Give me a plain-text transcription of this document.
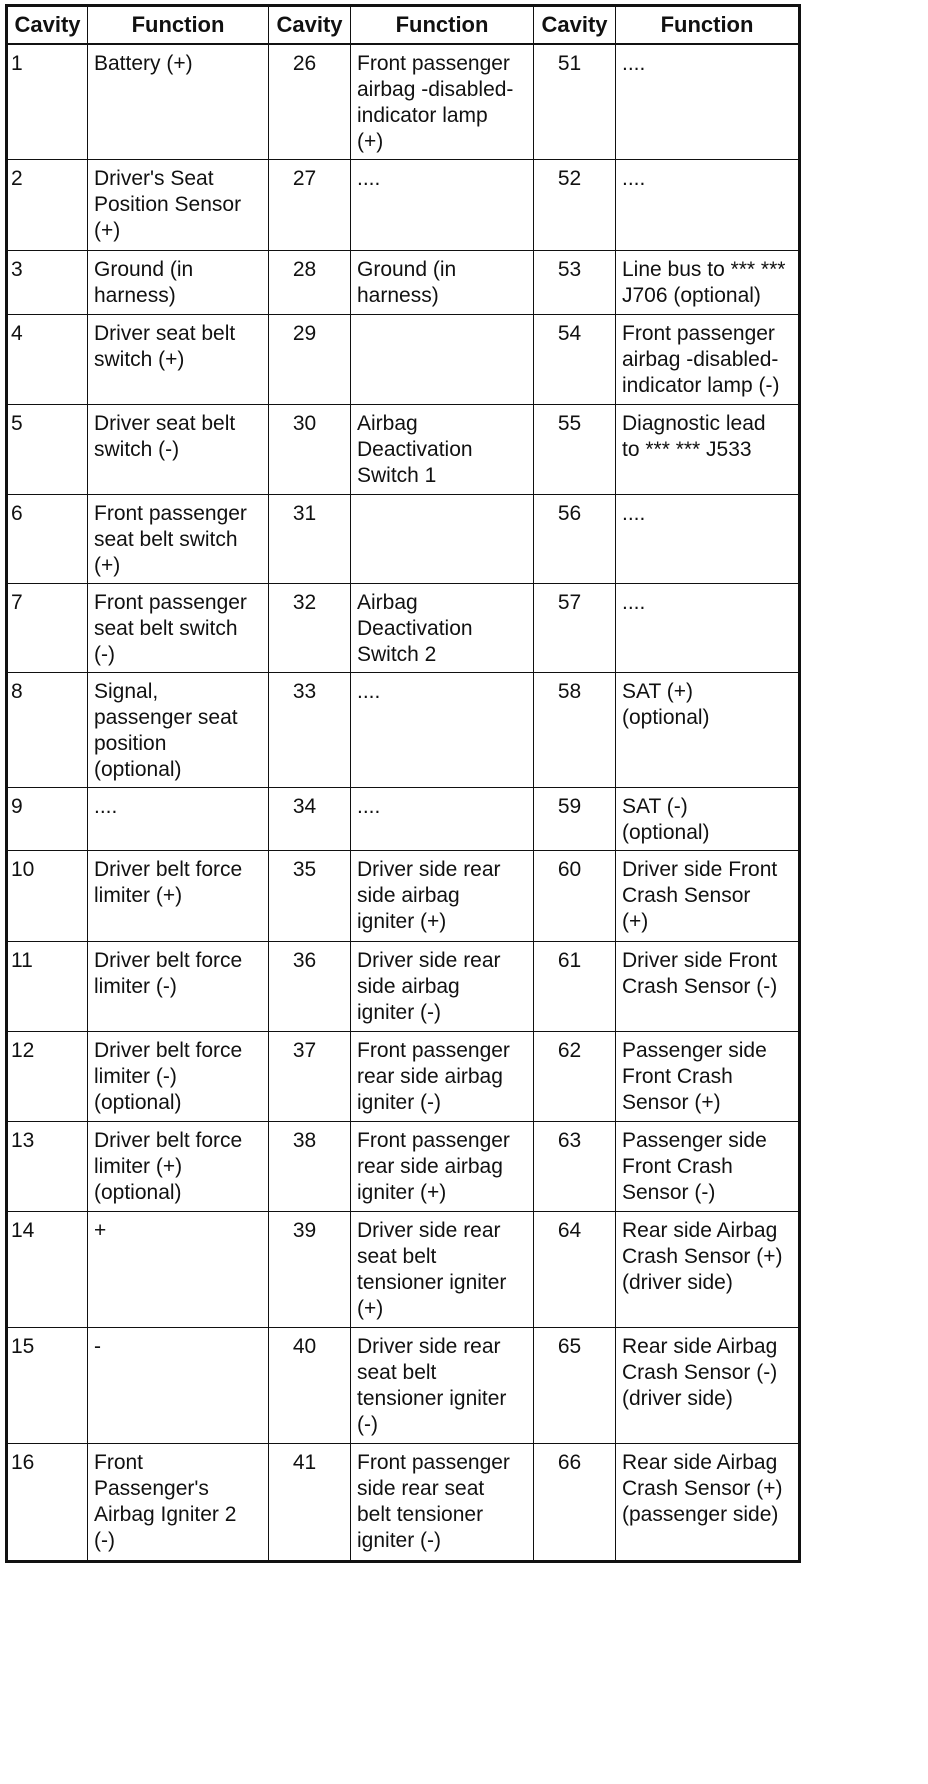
Cavity	Function	Cavity	Function	Cavity	Function
1	Battery (+)	26	Front passenger
airbag -disabled-
indicator lamp
(+)	51	....
2	Driver's Seat
Position Sensor
(+)	27	....	52	....
3	Ground (in
harness)	28	Ground (in
harness)	53	Line bus to *** ***
J706 (optional)
4	Driver seat belt
switch (+)	29		54	Front passenger
airbag -disabled-
indicator lamp (-)
5	Driver seat belt
switch (-)	30	Airbag
Deactivation
Switch 1	55	Diagnostic lead
to *** *** J533
6	Front passenger
seat belt switch
(+)	31		56	....
7	Front passenger
seat belt switch
(-)	32	Airbag
Deactivation
Switch 2	57	....
8	Signal,
passenger seat
position
(optional)	33	....	58	SAT (+)
(optional)
9	....	34	....	59	SAT (-)
(optional)
10	Driver belt force
limiter (+)	35	Driver side rear
side airbag
igniter (+)	60	Driver side Front
Crash Sensor
(+)
11	Driver belt force
limiter (-)	36	Driver side rear
side airbag
igniter (-)	61	Driver side Front
Crash Sensor (-)
12	Driver belt force
limiter (-)
(optional)	37	Front passenger
rear side airbag
igniter (-)	62	Passenger side
Front Crash
Sensor (+)
13	Driver belt force
limiter (+)
(optional)	38	Front passenger
rear side airbag
igniter (+)	63	Passenger side
Front Crash
Sensor (-)
14	+	39	Driver side rear
seat belt
tensioner igniter
(+)	64	Rear side Airbag
Crash Sensor (+)
(driver side)
15	-	40	Driver side rear
seat belt
tensioner igniter
(-)	65	Rear side Airbag
Crash Sensor (-)
(driver side)
16	Front
Passenger's
Airbag Igniter 2
(-)	41	Front passenger
side rear seat
belt tensioner
igniter (-)	66	Rear side Airbag
Crash Sensor (+)
(passenger side)
